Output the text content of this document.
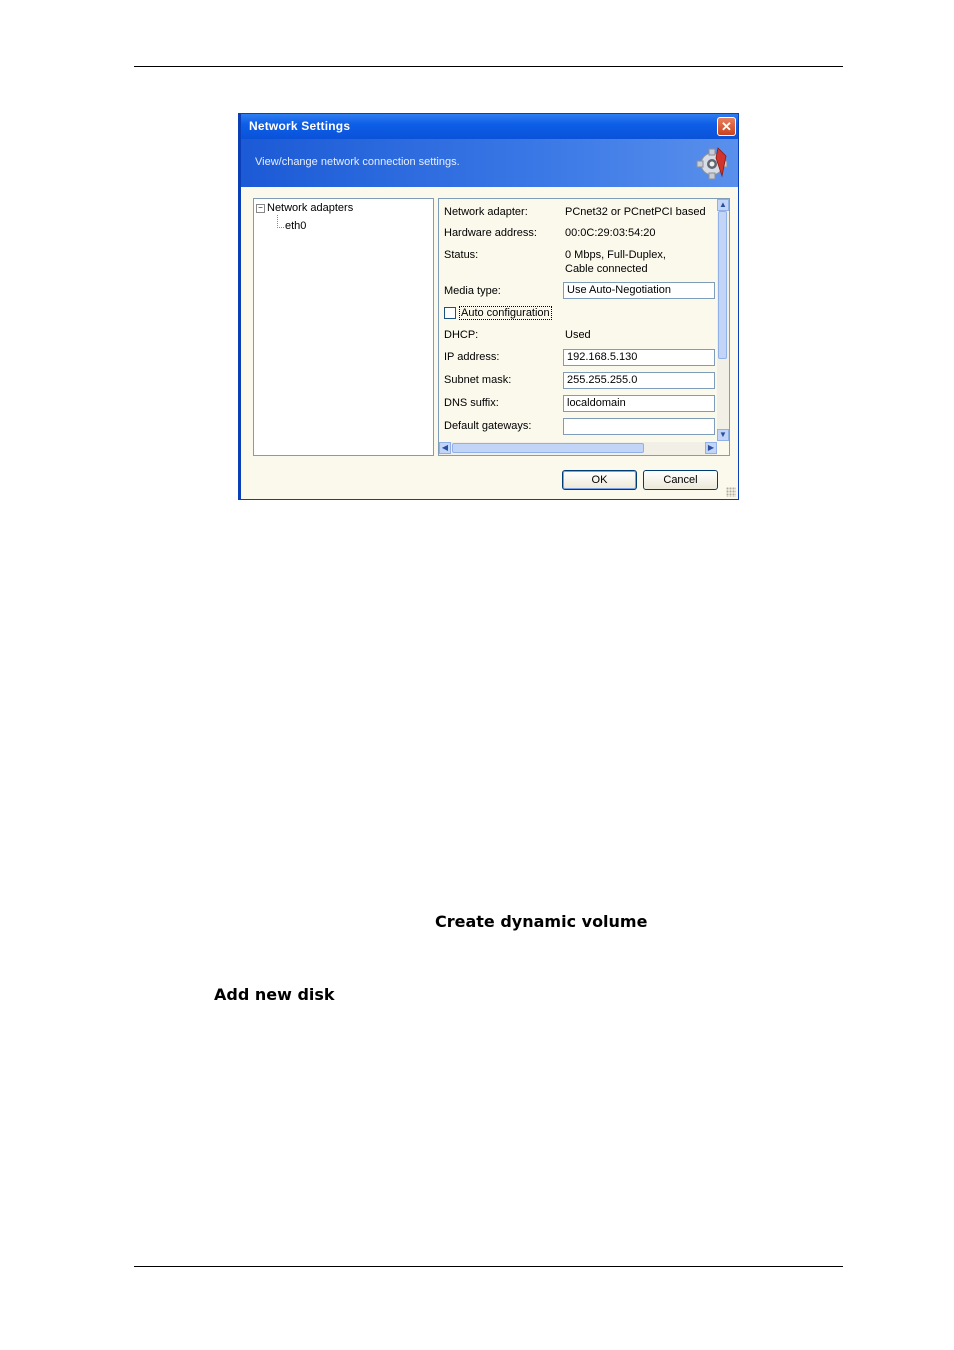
Network Settings	✕
View/change network connection settings.
− Network adapters
eth0
Network adapter:	PCnet32 or PCnetPCI based
Hardware address:	00:0C:29:03:54:20
Status:	0 Mbps, Full-Duplex,
Cable connected
Media type:	Use Auto-Negotiation
Auto configuration
DHCP:	Used
IP address:	192.168.5.130
Subnet mask:	255.255.255.0
DNS suffix:	localdomain
Default gateways:
▲
▼
◀	▶
OK	Cancel
Create dynamic volume
Add new disk
